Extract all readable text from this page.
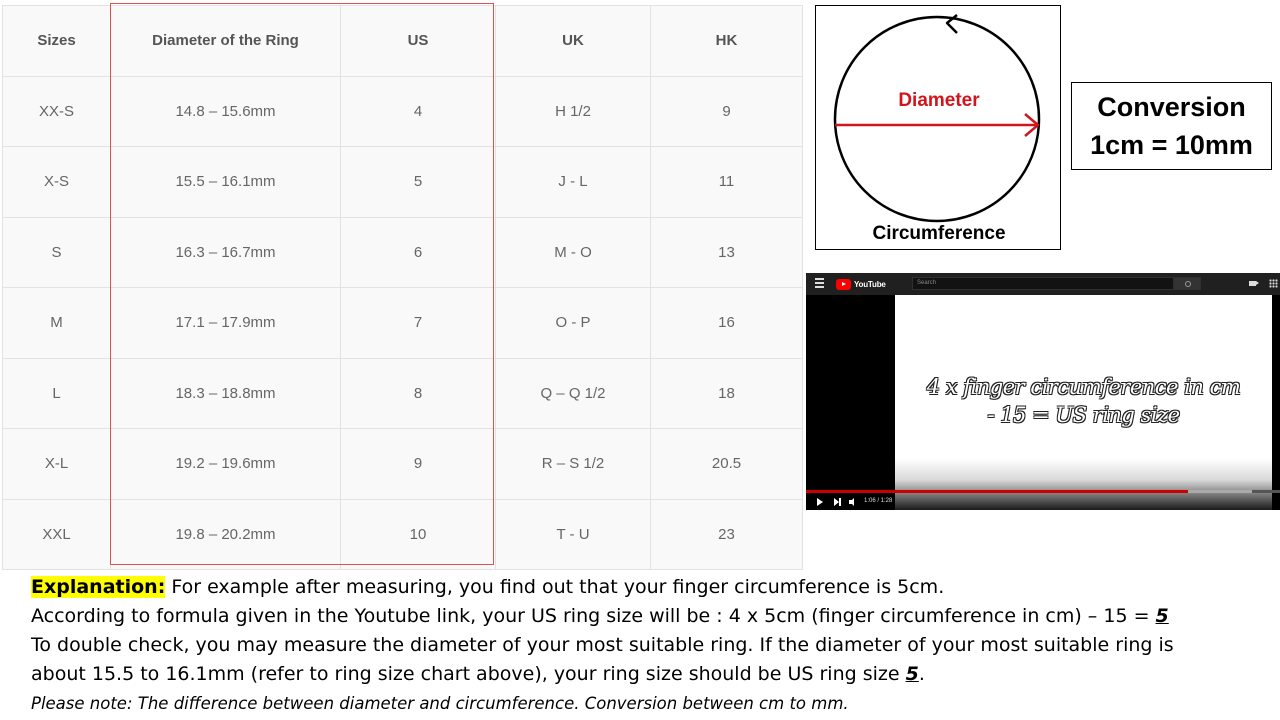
Sizes	Diameter of the Ring	US	UK	HK
XX-S	14.8 – 15.6mm	4	H 1/2	9
X-S	15.5 – 16.1mm	5	J - L	11
S	16.3 – 16.7mm	6	M - O	13
M	17.1 – 17.9mm	7	O - P	16
L	18.3 – 18.8mm	8	Q – Q 1/2	18
X-L	19.2 – 19.6mm	9	R – S 1/2	20.5
XXL	19.8 – 20.2mm	10	T - U	23
Diameter
Circumference
Conversion
1cm = 10mm
YouTube	Search
4 x finger circumference in cm
- 15 = US ring size
1:06 / 1:28

Explanation: For example after measuring, you find out that your finger circumference is 5cm.

According to formula given in the Youtube link, your US ring size will be : 4 x 5cm (finger circumference in cm) – 15 = 5

To double check, you may measure the diameter of your most suitable ring. If the diameter of your most suitable ring is

about 15.5 to 16.1mm (refer to ring size chart above), your ring size should be US ring size 5.

Please note: The difference between diameter and circumference. Conversion between cm to mm.
